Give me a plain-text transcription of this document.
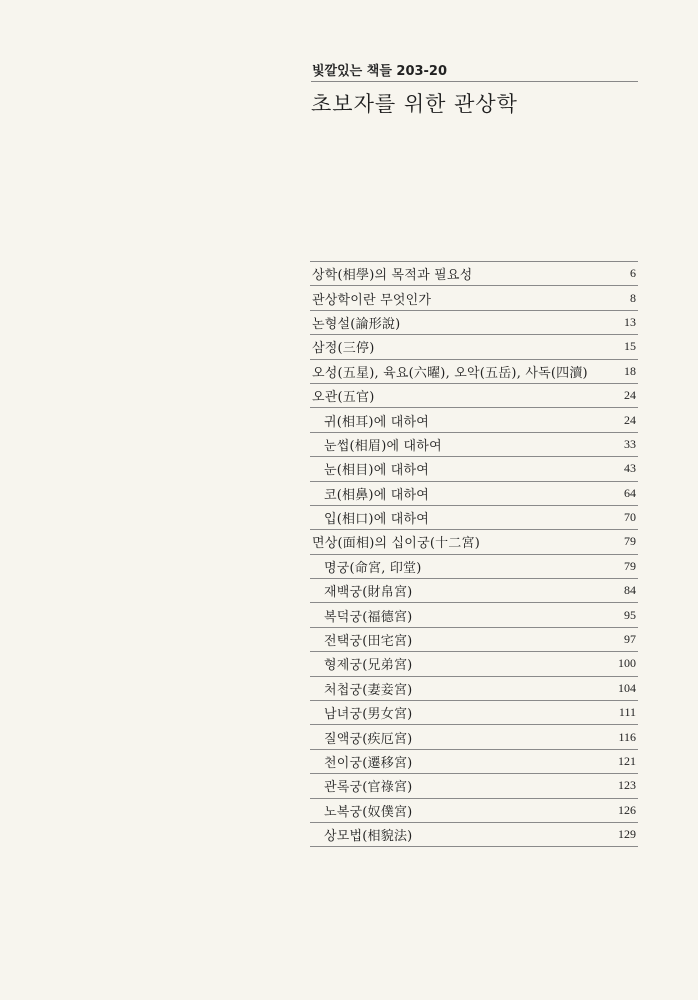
빛깔있는 책들 203-20
초보자를 위한 관상학
상학(相學)의 목적과 필요성	6
관상학이란 무엇인가	8
논형설(論形說)	13
삼정(三停)	15
오성(五星), 육요(六曜), 오악(五岳), 사독(四瀆)	18
오관(五官)	24
귀(相耳)에 대하여	24
눈썹(相眉)에 대하여	33
눈(相目)에 대하여	43
코(相鼻)에 대하여	64
입(相口)에 대하여	70
면상(面相)의 십이궁(十二宮)	79
명궁(命宮, 印堂)	79
재백궁(財帛宮)	84
복덕궁(福德宮)	95
전택궁(田宅宮)	97
형제궁(兄弟宮)	100
처첩궁(妻妾宮)	104
남녀궁(男女宮)	111
질액궁(疾厄宮)	116
천이궁(遷移宮)	121
관록궁(官祿宮)	123
노복궁(奴僕宮)	126
상모법(相貌法)	129
